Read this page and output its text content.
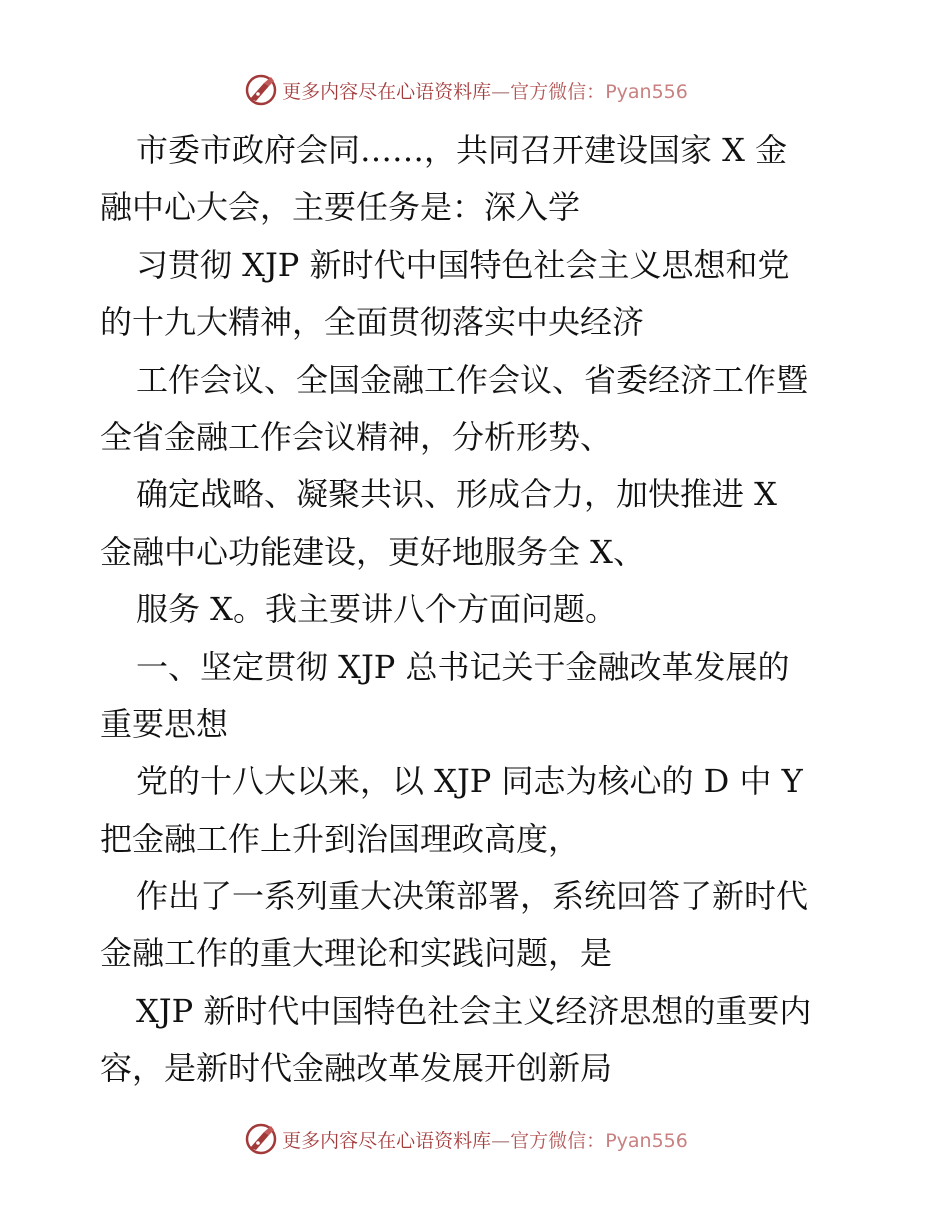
更多内容尽在心语资料库—官方微信：Pyan556
市委市政府会同……，共同召开建设国家 X 金
融中心大会，主要任务是：深入学
习贯彻 XJP 新时代中国特色社会主义思想和党
的十九大精神，全面贯彻落实中央经济
工作会议、全国金融工作会议、省委经济工作暨
全省金融工作会议精神，分析形势、
确定战略、凝聚共识、形成合力，加快推进 X
金融中心功能建设，更好地服务全 X、
服务 X。我主要讲八个方面问题。
一、坚定贯彻 XJP 总书记关于金融改革发展的
重要思想
党的十八大以来，以 XJP 同志为核心的 D 中 Y
把金融工作上升到治国理政高度，
作出了一系列重大决策部署，系统回答了新时代
金融工作的重大理论和实践问题，是
XJP 新时代中国特色社会主义经济思想的重要内
容，是新时代金融改革发展开创新局
更多内容尽在心语资料库—官方微信：Pyan556
